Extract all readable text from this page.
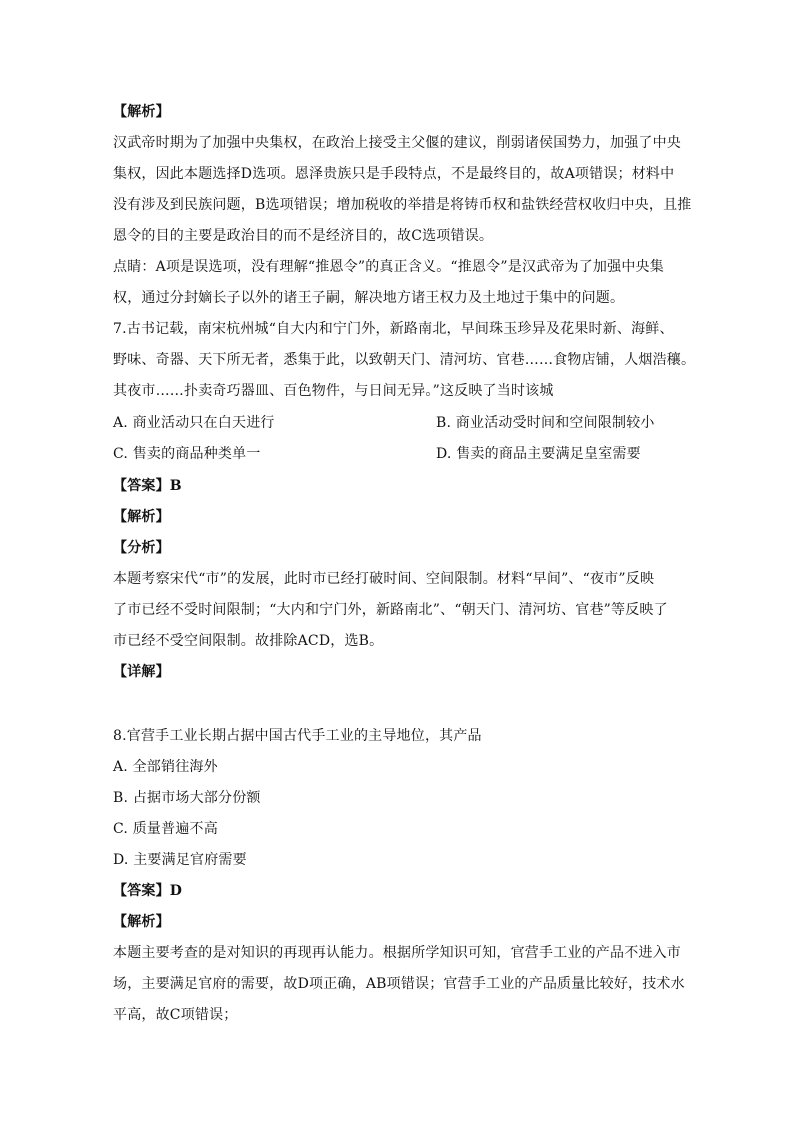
【解析】
汉武帝时期为了加强中央集权，在政治上接受主父偃的建议，削弱诸侯国势力，加强了中央
集权，因此本题选择D选项。恩泽贵族只是手段特点，不是最终目的，故A项错误；材料中
没有涉及到民族问题，B选项错误；增加税收的举措是将铸币权和盐铁经营权收归中央，且推
恩令的目的主要是政治目的而不是经济目的，故C选项错误。
点睛：A项是误选项，没有理解“推恩令”的真正含义。“推恩令”是汉武帝为了加强中央集
权，通过分封嫡长子以外的诸王子嗣，解决地方诸王权力及土地过于集中的问题。
7.古书记载，南宋杭州城“自大内和宁门外，新路南北，早间珠玉珍异及花果时新、海鲜、
野味、奇器、天下所无者，悉集于此，以致朝天门、清河坊、官巷……食物店铺，人烟浩穰。
其夜市……扑卖奇巧器皿、百色物件，与日间无异。”这反映了当时该城
A. 商业活动只在白天进行	B. 商业活动受时间和空间限制较小
C. 售卖的商品种类单一	D. 售卖的商品主要满足皇室需要
【答案】B
【解析】
【分析】
本题考察宋代“市”的发展，此时市已经打破时间、空间限制。材料“早间”、“夜市”反映
了市已经不受时间限制；“大内和宁门外，新路南北”、“朝天门、清河坊、官巷”等反映了
市已经不受空间限制。故排除ACD，选B。
【详解】
8.官营手工业长期占据中国古代手工业的主导地位，其产品
A. 全部销往海外
B. 占据市场大部分份额
C. 质量普遍不高
D. 主要满足官府需要
【答案】D
【解析】
本题主要考查的是对知识的再现再认能力。根据所学知识可知，官营手工业的产品不进入市
场，主要满足官府的需要，故D项正确，AB项错误；官营手工业的产品质量比较好，技术水
平高，故C项错误；
